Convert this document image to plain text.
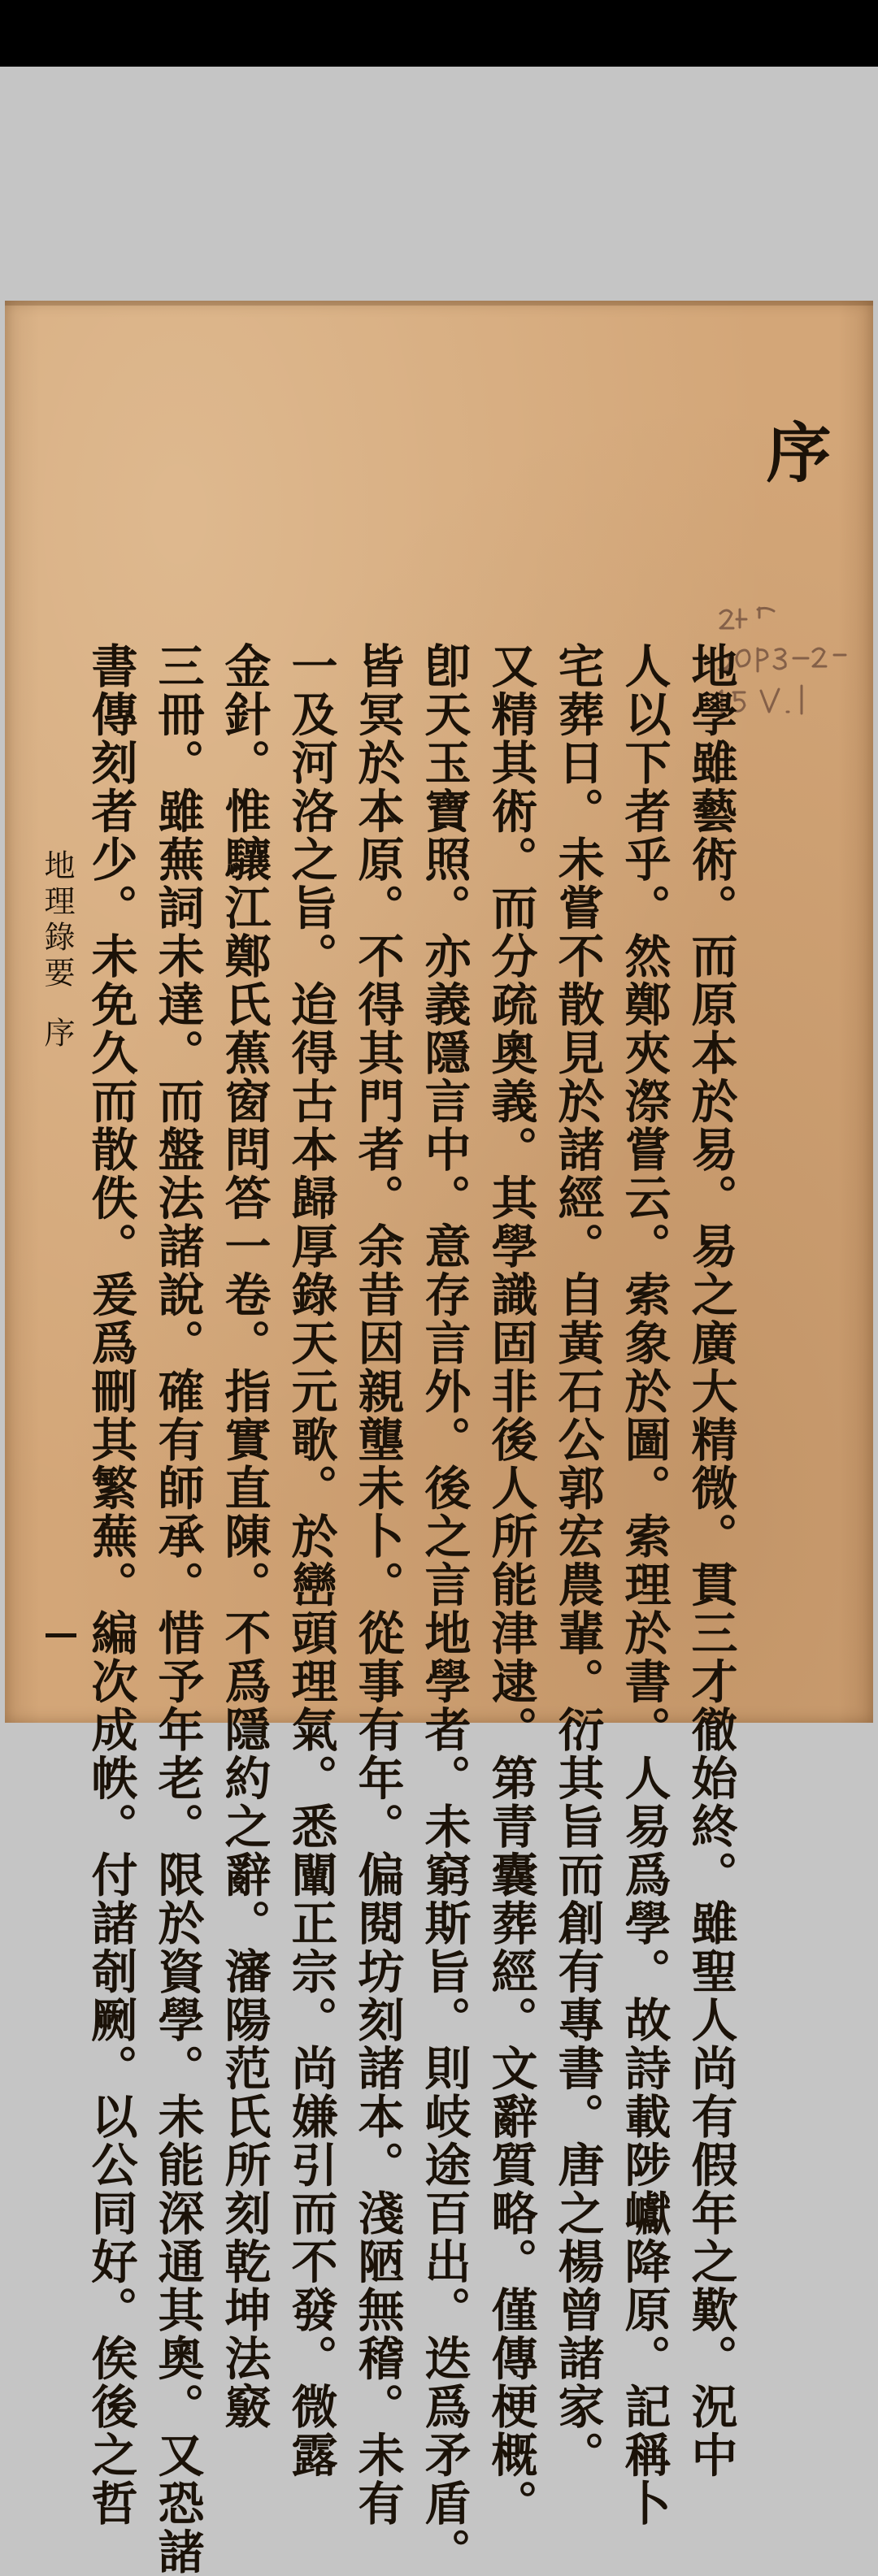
序
地學雖藝術。而原本於易。易之廣大精微。貫三才徹始終。雖聖人尚有假年之歎。況中
人以下者乎。然鄭夾漈嘗云。索象於圖。索理於書。人易爲學。故詩載陟巘降原。記稱卜
宅葬日。未嘗不散見於諸經。自黃石公郭宏農輩。衍其旨而創有專書。唐之楊曾諸家。
又精其術。而分疏奧義。其學識固非後人所能津逮。第青囊葬經。文辭質略。僅傳梗概。
卽天玉寶照。亦義隱言中。意存言外。後之言地學者。未窮斯旨。則岐途百出。迭爲矛盾。
皆冥於本原。不得其門者。余昔因親壟未卜。從事有年。偏閱坊刻諸本。淺陋無稽。未有
一及河洛之旨。迨得古本歸厚錄天元歌。於巒頭理氣。悉闡正宗。尚嫌引而不發。微露
金針。惟驤江鄭氏蕉窗問答一卷。指實直陳。不爲隱約之辭。瀋陽范氏所刻乾坤法竅
三冊。雖蕪詞未達。而盤法諸說。確有師承。惜予年老。限於資學。未能深通其奧。又恐諸
書傳刻者少。未免久而散佚。爰爲刪其繁蕪。編次成帙。付諸剞劂。以公同好。俟後之哲
地理錄要序
